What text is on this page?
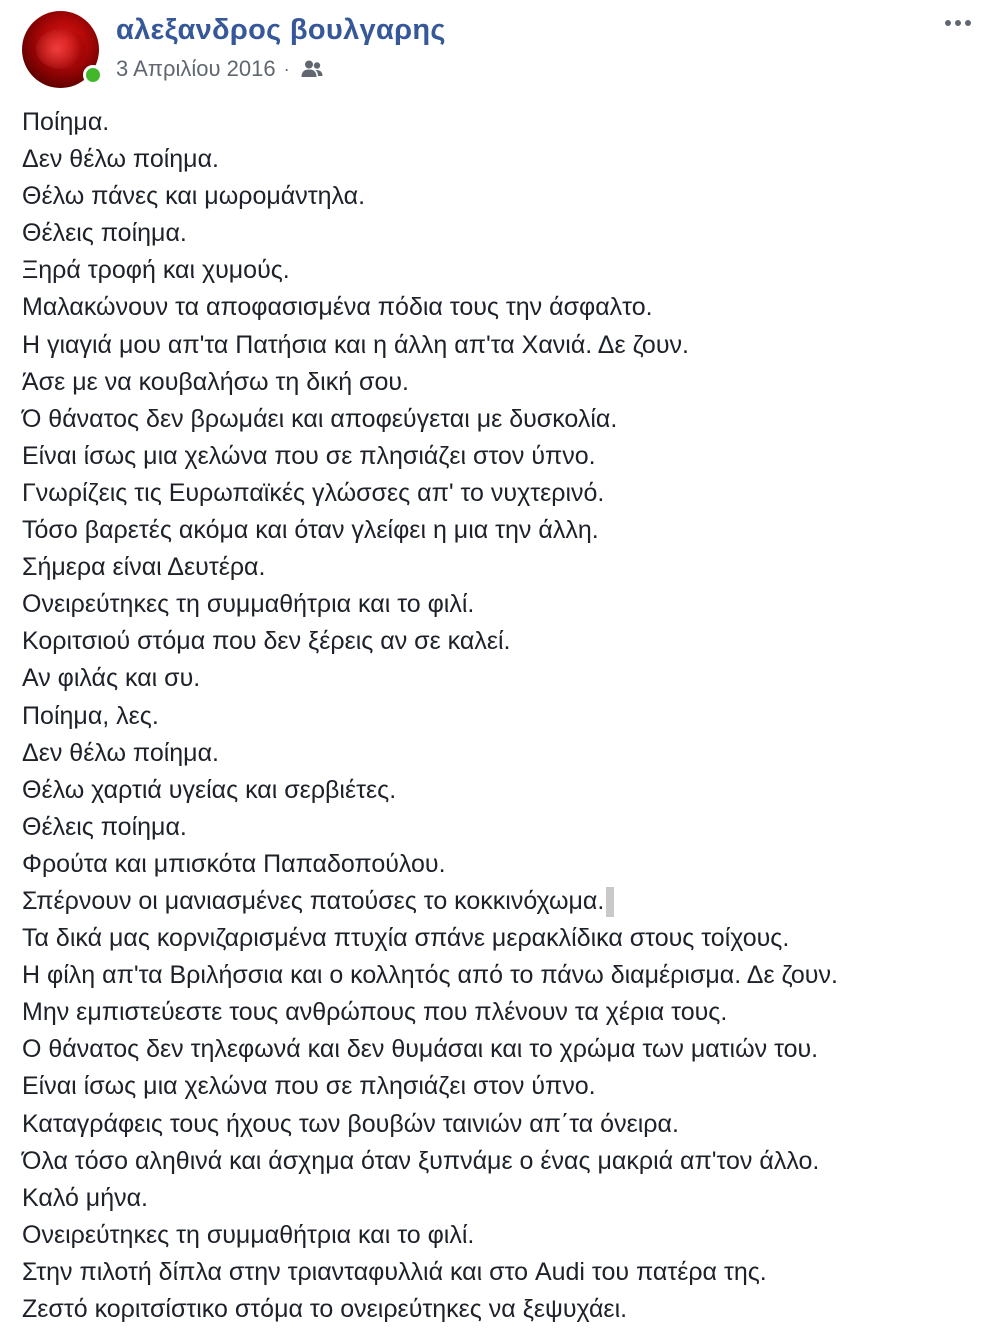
αλεξανδρος βουλγαρης
3 Απριλίου 2016 ·
Ποίημα.
Δεν θέλω ποίημα.
Θέλω πάνες και μωρομάντηλα.
Θέλεις ποίημα.
Ξηρά τροφή και χυμούς.
Μαλακώνουν τα αποφασισμένα πόδια τους την άσφαλτο.
Η γιαγιά μου απ'τα Πατήσια και η άλλη απ'τα Χανιά. Δε ζουν.
Άσε με να κουβαλήσω τη δική σου.
Ό θάνατος δεν βρωμάει και αποφεύγεται με δυσκολία.
Είναι ίσως μια χελώνα που σε πλησιάζει στον ύπνο.
Γνωρίζεις τις Ευρωπαϊκές γλώσσες απ' το νυχτερινό.
Τόσο βαρετές ακόμα και όταν γλείφει η μια την άλλη.
Σήμερα είναι Δευτέρα.
Ονειρεύτηκες τη συμμαθήτρια και το φιλί.
Κοριτσιού στόμα που δεν ξέρεις αν σε καλεί.
Αν φιλάς και συ.
Ποίημα, λες.
Δεν θέλω ποίημα.
Θέλω χαρτιά υγείας και σερβιέτες.
Θέλεις ποίημα.
Φρούτα και μπισκότα Παπαδοπούλου.
Σπέρνουν οι μανιασμένες πατούσες το κοκκινόχωμα.
Τα δικά μας κορνιζαρισμένα πτυχία σπάνε μερακλίδικα στους τοίχους.
Η φίλη απ'τα Βριλήσσια και ο κολλητός από το πάνω διαμέρισμα. Δε ζουν.
Μην εμπιστεύεστε τους ανθρώπους που πλένουν τα χέρια τους.
Ο θάνατος δεν τηλεφωνά και δεν θυμάσαι και το χρώμα των ματιών του.
Είναι ίσως μια χελώνα που σε πλησιάζει στον ύπνο.
Καταγράφεις τους ήχους των βουβών ταινιών απ΄τα όνειρα.
Όλα τόσο αληθινά και άσχημα όταν ξυπνάμε ο ένας μακριά απ'τον άλλο.
Καλό μήνα.
Ονειρεύτηκες τη συμμαθήτρια και το φιλί.
Στην πιλοτή δίπλα στην τριανταφυλλιά και στο Audi του πατέρα της.
Ζεστό κοριτσίστικο στόμα το ονειρεύτηκες να ξεψυχάει.
